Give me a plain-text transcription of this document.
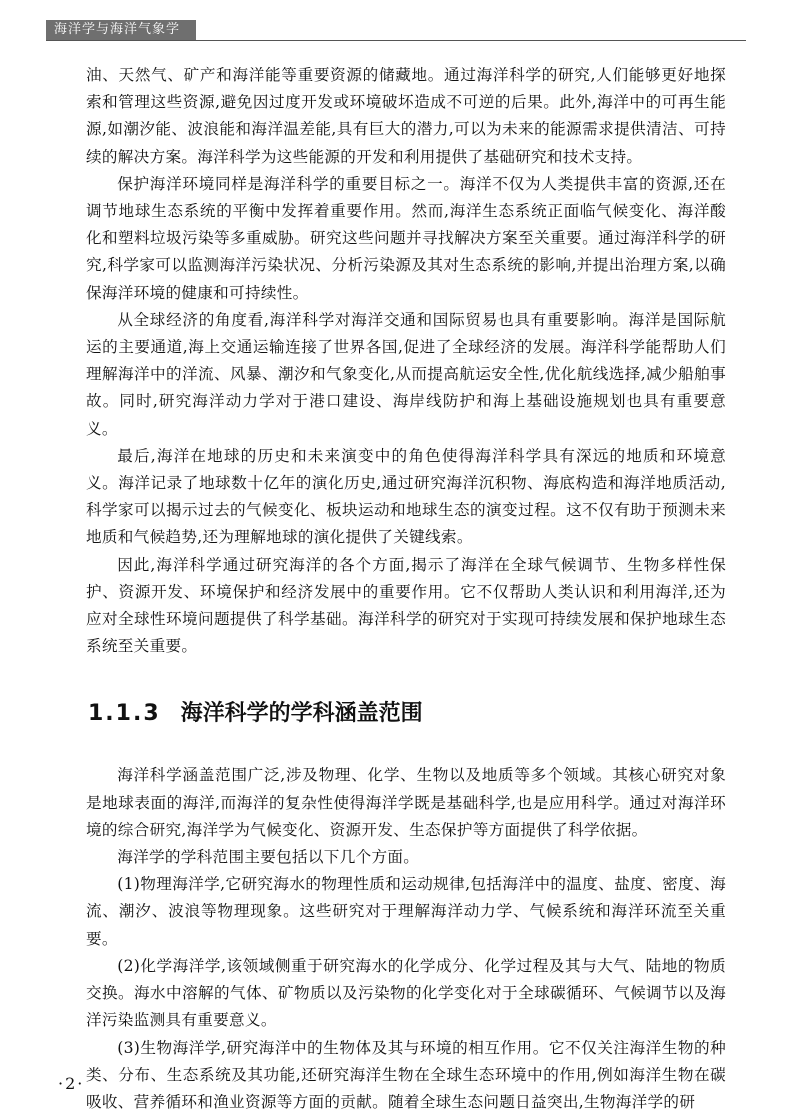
海洋学与海洋气象学

油、天然气、矿产和海洋能等重要资源的储藏地。通过海洋科学的研究,人们能够更好地探索和管理这些资源,避免因过度开发或环境破坏造成不可逆的后果。此外,海洋中的可再生能源,如潮汐能、波浪能和海洋温差能,具有巨大的潜力,可以为未来的能源需求提供清洁、可持续的解决方案。海洋科学为这些能源的开发和利用提供了基础研究和技术支持。

保护海洋环境同样是海洋科学的重要目标之一。海洋不仅为人类提供丰富的资源,还在调节地球生态系统的平衡中发挥着重要作用。然而,海洋生态系统正面临气候变化、海洋酸化和塑料垃圾污染等多重威胁。研究这些问题并寻找解决方案至关重要。通过海洋科学的研究,科学家可以监测海洋污染状况、分析污染源及其对生态系统的影响,并提出治理方案,以确保海洋环境的健康和可持续性。

从全球经济的角度看,海洋科学对海洋交通和国际贸易也具有重要影响。海洋是国际航运的主要通道,海上交通运输连接了世界各国,促进了全球经济的发展。海洋科学能帮助人们理解海洋中的洋流、风暴、潮汐和气象变化,从而提高航运安全性,优化航线选择,减少船舶事故。同时,研究海洋动力学对于港口建设、海岸线防护和海上基础设施规划也具有重要意义。

最后,海洋在地球的历史和未来演变中的角色使得海洋科学具有深远的地质和环境意义。海洋记录了地球数十亿年的演化历史,通过研究海洋沉积物、海底构造和海洋地质活动,科学家可以揭示过去的气候变化、板块运动和地球生态的演变过程。这不仅有助于预测未来地质和气候趋势,还为理解地球的演化提供了关键线索。

因此,海洋科学通过研究海洋的各个方面,揭示了海洋在全球气候调节、生物多样性保护、资源开发、环境保护和经济发展中的重要作用。它不仅帮助人类认识和利用海洋,还为应对全球性环境问题提供了科学基础。海洋科学的研究对于实现可持续发展和保护地球生态系统至关重要。

1.1.3 海洋科学的学科涵盖范围

海洋科学涵盖范围广泛,涉及物理、化学、生物以及地质等多个领域。其核心研究对象是地球表面的海洋,而海洋的复杂性使得海洋学既是基础科学,也是应用科学。通过对海洋环境的综合研究,海洋学为气候变化、资源开发、生态保护等方面提供了科学依据。

海洋学的学科范围主要包括以下几个方面。

(1)物理海洋学,它研究海水的物理性质和运动规律,包括海洋中的温度、盐度、密度、海流、潮汐、波浪等物理现象。这些研究对于理解海洋动力学、气候系统和海洋环流至关重要。

(2)化学海洋学,该领域侧重于研究海水的化学成分、化学过程及其与大气、陆地的物质交换。海水中溶解的气体、矿物质以及污染物的化学变化对于全球碳循环、气候调节以及海洋污染监测具有重要意义。

(3)生物海洋学,研究海洋中的生物体及其与环境的相互作用。它不仅关注海洋生物的种类、分布、生态系统及其功能,还研究海洋生物在全球生态环境中的作用,例如海洋生物在碳吸收、营养循环和渔业资源等方面的贡献。随着全球生态问题日益突出,生物海洋学的研

·2·
